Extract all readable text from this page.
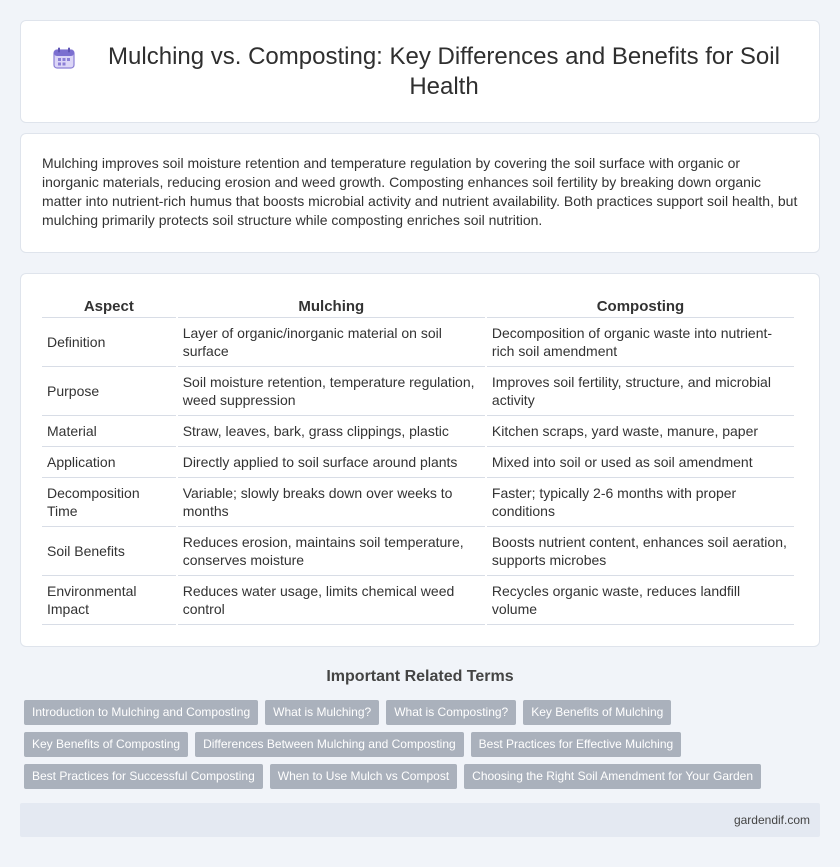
Mulching vs. Composting: Key Differences and Benefits for Soil Health

Mulching improves soil moisture retention and temperature regulation by covering the soil surface with organic or inorganic materials, reducing erosion and weed growth. Composting enhances soil fertility by breaking down organic matter into nutrient-rich humus that boosts microbial activity and nutrient availability. Both practices support soil health, but mulching primarily protects soil structure while composting enriches soil nutrition.

Aspect	Mulching	Composting
Definition	Layer of organic/inorganic material on soil surface	Decomposition of organic waste into nutrient-rich soil amendment
Purpose	Soil moisture retention, temperature regulation, weed suppression	Improves soil fertility, structure, and microbial activity
Material	Straw, leaves, bark, grass clippings, plastic	Kitchen scraps, yard waste, manure, paper
Application	Directly applied to soil surface around plants	Mixed into soil or used as soil amendment
Decomposition Time	Variable; slowly breaks down over weeks to months	Faster; typically 2-6 months with proper conditions
Soil Benefits	Reduces erosion, maintains soil temperature, conserves moisture	Boosts nutrient content, enhances soil aeration, supports microbes
Environmental Impact	Reduces water usage, limits chemical weed control	Recycles organic waste, reduces landfill volume
Important Related Terms
Introduction to Mulching and Composting	What is Mulching?	What is Composting?	Key Benefits of Mulching
Key Benefits of Composting	Differences Between Mulching and Composting	Best Practices for Effective Mulching
Best Practices for Successful Composting	When to Use Mulch vs Compost	Choosing the Right Soil Amendment for Your Garden
gardendif.com
